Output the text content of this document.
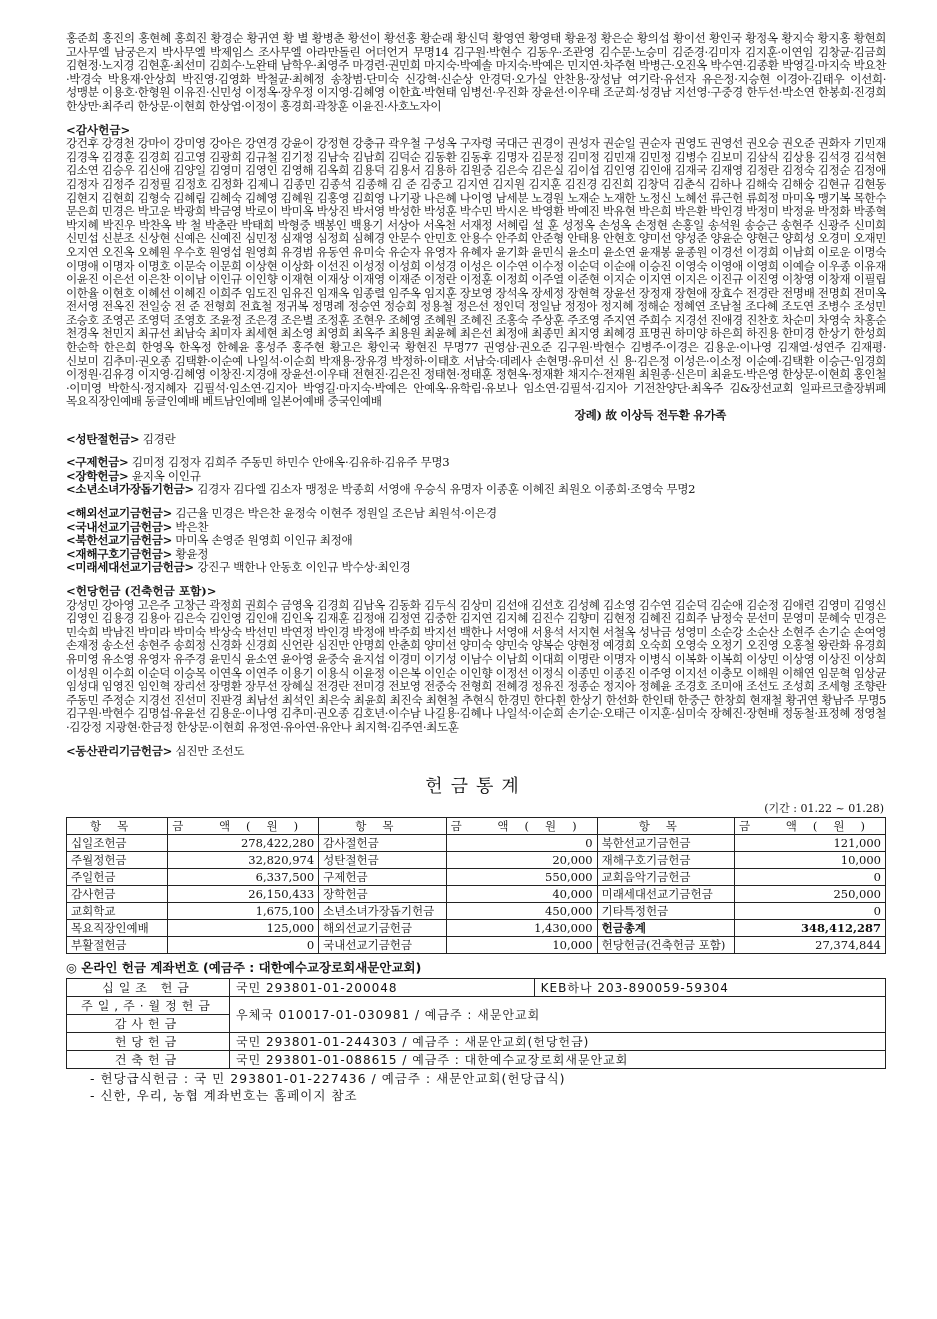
홍준희 홍진의 홍현혜 홍희진 황경순 황귀연 황 별 황병춘 황선이 황선홍 황순래 황신덕 황영연 황영태 황윤정 황은순 황의섭 황이선 황인국 황정옥 황지숙 황지홍 황현희 고사무엘 남궁은지 박사무엘 박제임스 조사무엘 아라만돌린 어더언거 무명14 김구원·박현수 김동우·조관영 김수문·노승미 김준경·김미자 김지훈·이연임 김창균·김금희 김현정·노지경 김현훈·최선미 김희수·노완태 남학우·최영주 마경련·권민희 마지숙·박예솔 마지숙·박예은 민지연·차주현 박병근·오진옥 박수연·김종환 박영길·마지숙 박요찬·박경숙 박용재·안상희 박진영·김영화 박철균·최혜정 송창범·단미숙 신강혁·신순상 안경덕·오가실 안찬용·장성남 여기락·유선자 유은정·지승현 이경아·김태우 이선희·성맹분 이용호·한형원 이유진·신민성 이정옥·장우정 이지영·김혜영 이한효·박현태 임병선·우진화 장윤선·이우태 조군희·성경남 지선영·구중경 한두선·박소연 한봉희·진경희 한상만·최주리 한상문·이현희 한상엽·이정이 홍경희·곽창훈 이윤진·사호노자이

<감사헌금>

강건후 강경천 강마이 강미영 강아은 강연경 강윤이 강정현 강충규 곽우철 구성옥 구자령 국대근 권경이 권성자 권순일 권순자 권영도 권영선 권오승 권오준 권화자 기민재 김경옥 김경훈 김경희 김고영 김광희 김규철 김기정 김남숙 김남희 김덕순 김동환 김동후 김명자 김문정 김미정 김민재 김민정 김병수 김보미 김삼식 김상용 김석경 김석현 김소연 김승우 김신애 김양일 김영미 김영인 김영해 김옥희 김용덕 김용서 김용하 김원중 김은숙 김은실 김이섭 김인영 김인애 김재국 김재영 김정란 김정숙 김정순 김정애 김정자 김정주 김정필 김정호 김정화 김제니 김종민 김종석 김종해 김 준 김중고 김지연 김지원 김지훈 김진경 김진희 김창덕 김춘식 김하나 김해숙 김해숭 김현규 김현동 김현지 김현희 김형숙 김혜림 김혜숙 김혜영 김혜원 김홍영 김희영 나기광 나은혜 나이영 남세분 노경원 노재순 노재한 노정신 노혜선 류근헌 류희정 마미옥 맹기복 목한수 문은희 민경은 박고운 박광희 박금영 박로이 박미옥 박상진 박서영 박성한 박성훈 박수민 박시온 박영환 박예진 박유현 박은희 박은환 박인경 박정미 박정윤 박정화 박종혁 박지혜 박진우 박찬옥 박 철 박춘란 박태희 박형중 백봉인 백용기 서상아 서옥천 서재정 서혜림 설 훈 성정옥 손성옥 손정현 손홍일 송석원 송승근 송현주 신광주 신미희 신민섭 신분조 신상현 신예은 신예진 심민정 심재영 심정희 심혜경 안문수 안민호 안용수 안주희 안준형 안태용 안현호 양미선 양성준 양윤순 양현근 양희성 오경미 오재민 오지연 오진옥 오혜원 우수호 원영섭 원영희 유경범 유동연 유미숙 유순자 유영자 유혜자 윤기화 윤민식 윤소미 윤소연 윤재봉 윤종원 이경선 이경희 이남희 이로운 이명숙 이명애 이명자 이명호 이문숙 이문희 이상현 이상화 이선진 이성정 이성희 이성경 이성은 이수연 이수정 이순덕 이순애 이승진 이영숙 이영애 이영희 이예슬 이우종 이유재 이윤진 이은선 이은찬 이이남 이인규 이인향 이재현 이재상 이재영 이재준 이정란 이정훈 이정희 이주열 이준현 이지순 이지연 이지은 이진규 이진영 이창영 이창재 이필립 이한율 이현호 이혜선 이혜진 이희주 임도진 임유진 임재옥 임종렬 임주옥 임지훈 장보영 장석옥 장세정 장현혁 장윤선 장정재 장현애 장효수 전경란 전명배 전명희 전미옥 전서영 전옥진 전일숭 전 준 전형희 전효철 정귀복 정명례 정승연 정승희 정용철 정은선 정인덕 정일남 정정아 정지혜 정해순 정혜연 조남철 조다혜 조도연 조병수 조성민 조승호 조영곤 조영덕 조영호 조윤정 조은경 조은별 조정훈 조현우 조혜영 조혜원 조혜진 조홍숙 주상훈 주조영 주지연 주희수 지경선 진애경 진찬호 차순미 차영숙 차홍순 천경옥 천민지 최규선 최남숙 최미자 최세현 최소영 최영희 최옥주 최용원 최윤혜 최은선 최정애 최종민 최지영 최혜경 표명권 하미양 하은희 하진용 한미경 한상기 한성희 한순학 한은희 한영옥 한옥정 한혜윤 홍성주 홍주현 황고은 황인국 황현진 무명77 권영삼·권오준 김구원·박현수 김병주·이경은 김용운·이나영 김재열·성연주 김재평·신보미 김추미·권오종 김택환·이순예 나일석·이순희 박재용·장유경 박정하·이태호 서남숙·데레사 손현명·유미선 신 용·김은정 이성은·이소정 이순예·김택환 이승근·임경희 이정원·김유경 이지영·김혜영 이창진·지경애 장윤선·이우태 전현진·김은진 정태현·정태훈 정현옥·정재환 채지수·전재원 최원종·신은미 최윤도·박은영 한상문·이현희 홍인철·이미영 박한식·정지혜자 김필석·임소연·김지아 박영길·마지숙·박예은 안예옥·유학림·유보나 임소연·김필석·김지아 기전찬양단·최옥주 김&장선교회 일파르코출장뷔페 목요직장인예배 동글인예배 베트남인예배 일본어예배 중국인예배

장례) 故 이상득 전두환 유가족
<성탄절헌금> 김경란
<구제헌금> 김미정 김정자 김희주 주동민 하민수 안애옥·김유하·김유주 무명3
<장학헌금> 윤지옥 이인규
<소년소녀가장돕기헌금> 김경자 김다엘 김소자 맹정운 박종희 서영애 우승식 유명자 이종훈 이혜진 최원오 이종희·조영숙 무명2
<해외선교기금헌금> 김근율 민경은 박은찬 윤정숙 이현주 정원일 조은남 최원석·이은경
<국내선교기금헌금> 박은찬
<북한선교기금헌금> 마미옥 손영준 원영희 이인규 최정애
<재해구호기금헌금> 황윤정
<미래세대선교기금헌금> 강진구 백한나 안동호 이인규 박수상·최인경
<헌당헌금 (건축헌금 포함)>

강성민 강아영 고은주 고창근 곽정희 권희수 금영옥 김경희 김남옥 김동화 김두식 김상미 김선애 김선호 김성혜 김소영 김수연 김순덕 김순애 김순정 김애련 김영미 김영신 김영인 김용경 김용아 김은숙 김인영 김인애 김인옥 김재훈 김정애 김정연 김중한 김지연 김지혜 김진수 김향미 김현정 김혜진 김희주 남정숙 문선미 문영미 문혜숙 민경은 민숙희 박남진 박미라 박미숙 박상숙 박선민 박연정 박인경 박정애 박주희 박지선 백한나 서영애 서용석 서지현 서철옥 성낙금 성영미 소순강 소순산 소현주 손기순 손여영 손재정 송소선 송현주 송희정 신경화 신경희 신언란 심진만 안명희 안춘희 양미선 양미숙 양민숙 양복순 양현정 예경희 오숙희 오영숙 오정기 오진영 오홍철 왕란화 유경희 유미영 유소영 유영자 유주경 윤민식 윤소연 윤아영 윤중숙 윤지섭 이경미 이기성 이남수 이남희 이대희 이명란 이명자 이병식 이복화 이복희 이상민 이상영 이상진 이상희 이성원 이수희 이순덕 이승목 이연옥 이연주 이용기 이용식 이윤정 이은복 이인순 이인향 이정선 이정식 이종민 이종진 이주영 이지선 이충모 이해원 이해연 임문혁 임상균 임성대 임영진 임인혁 장리선 장명환 장무선 장혜실 전경란 전미경 전보영 전중숙 전형희 전혜경 정유진 정종순 정지아 정혜윤 조경호 조미애 조선도 조성희 조세형 조향란 주동민 주정순 지경선 진선미 진판경 최남선 최석인 최은숙 최윤희 최진숙 최현철 추현식 한경민 한다흰 한상기 한선화 한인태 한중근 한창희 현재철 황귀연 황남주 무명5 김구원·박현수 김명섭·유윤선 김용운·이나영 김추미·권오종 김호년·이수남 나길용·김혜나 나일석·이순희 손기순·오태근 이지훈·심미숙 장혜진·장현배 정동철·표정혜 정영철·김강정 지광현·한금정 한상문·이현희 유정연·유아연·유안나 최지혁·김주연·최도훈

<동산관리기금헌금> 심진만 조선도
헌금통계
(기간 : 01.22 ~ 01.28)
항목	금 액(원)	항목	금 액(원)	항목	금 액(원)
십일조헌금	278,422,280	감사절헌금	0	북한선교기금헌금	121,000
주월정헌금	32,820,974	성탄절헌금	20,000	재해구호기금헌금	10,000
주일헌금	6,337,500	구제헌금	550,000	교회음악기금헌금	0
감사헌금	26,150,433	장학헌금	40,000	미래세대선교기금헌금	250,000
교회학교	1,675,100	소년소녀가장돕기헌금	450,000	기타특정헌금	0
목요직장인예배	125,000	해외선교기금헌금	1,430,000	헌금총계	348,412,287
부활절헌금	0	국내선교기금헌금	10,000	헌당헌금(건축헌금 포함)	27,374,844
◎ 온라인 헌금 계좌번호 (예금주 : 대한예수교장로회새문안교회)
십일조 헌금	국민 293801-01-200048	KEB하나 203-890059-59304
주일,주·월정헌금	우체국 010017-01-030981 / 예금주 : 새문안교회	
감사헌금		
헌당헌금	국민 293801-01-244303 / 예금주 : 새문안교회(헌당헌금)	
건축헌금	국민 293801-01-088615 / 예금주 : 대한예수교장로회새문안교회	
- 헌당급식헌금 : 국 민 293801-01-227436 / 예금주 : 새문안교회(헌당급식)
- 신한, 우리, 농협 계좌번호는 홈페이지 참조
